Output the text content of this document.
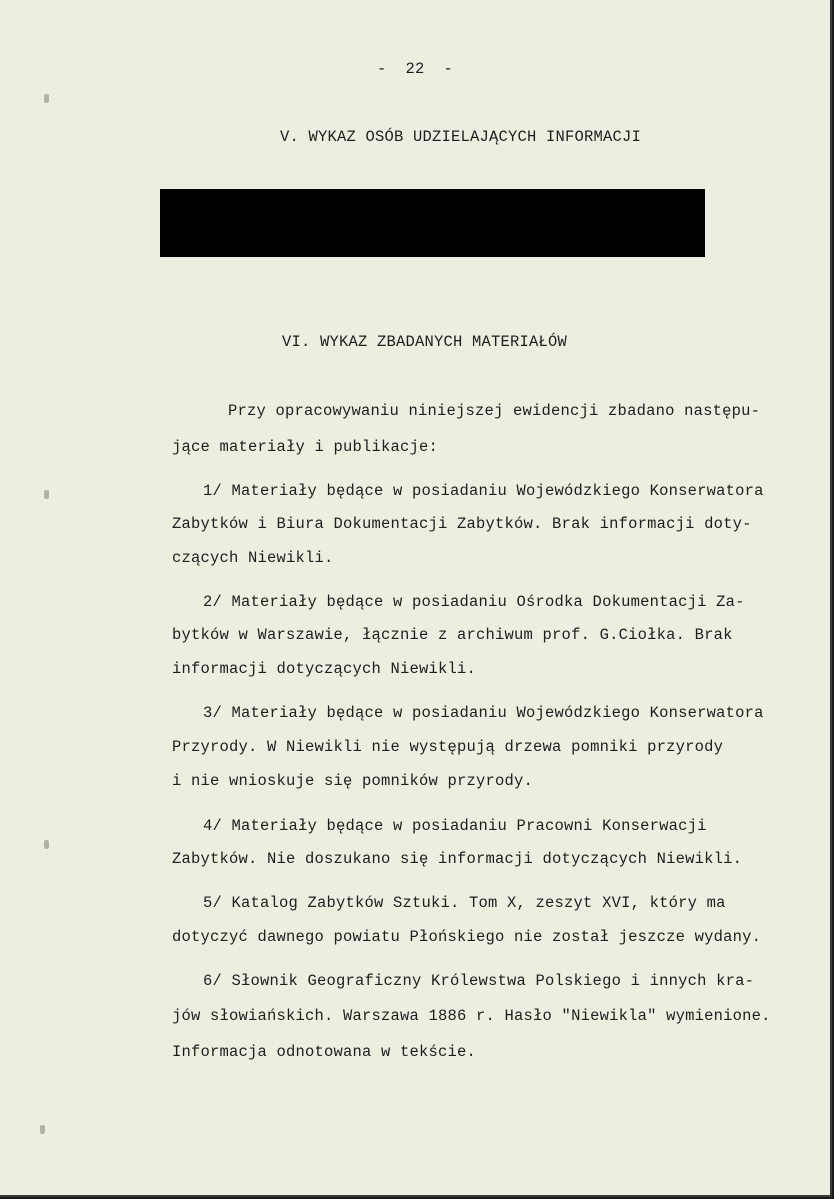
-  22  -
V. WYKAZ OSÓB UDZIELAJĄCYCH INFORMACJI
VI. WYKAZ ZBADANYCH MATERIAŁÓW
Przy opracowywaniu niniejszej ewidencji zbadano następu-
jące materiały i publikacje:
1/ Materiały będące w posiadaniu Wojewódzkiego Konserwatora
Zabytków i Biura Dokumentacji Zabytków. Brak informacji doty-
czących Niewikli.
2/ Materiały będące w posiadaniu Ośrodka Dokumentacji Za-
bytków w Warszawie, łącznie z archiwum prof. G.Ciołka. Brak
informacji dotyczących Niewikli.
3/ Materiały będące w posiadaniu Wojewódzkiego Konserwatora
Przyrody. W Niewikli nie występują drzewa pomniki przyrody
i nie wnioskuje się pomników przyrody.
4/ Materiały będące w posiadaniu Pracowni Konserwacji
Zabytków. Nie doszukano się informacji dotyczących Niewikli.
5/ Katalog Zabytków Sztuki. Tom X, zeszyt XVI, który ma
dotyczyć dawnego powiatu Płońskiego nie został jeszcze wydany.
6/ Słownik Geograficzny Królewstwa Polskiego i innych kra-
jów słowiańskich. Warszawa 1886 r. Hasło "Niewikla" wymienione.
Informacja odnotowana w tekście.
